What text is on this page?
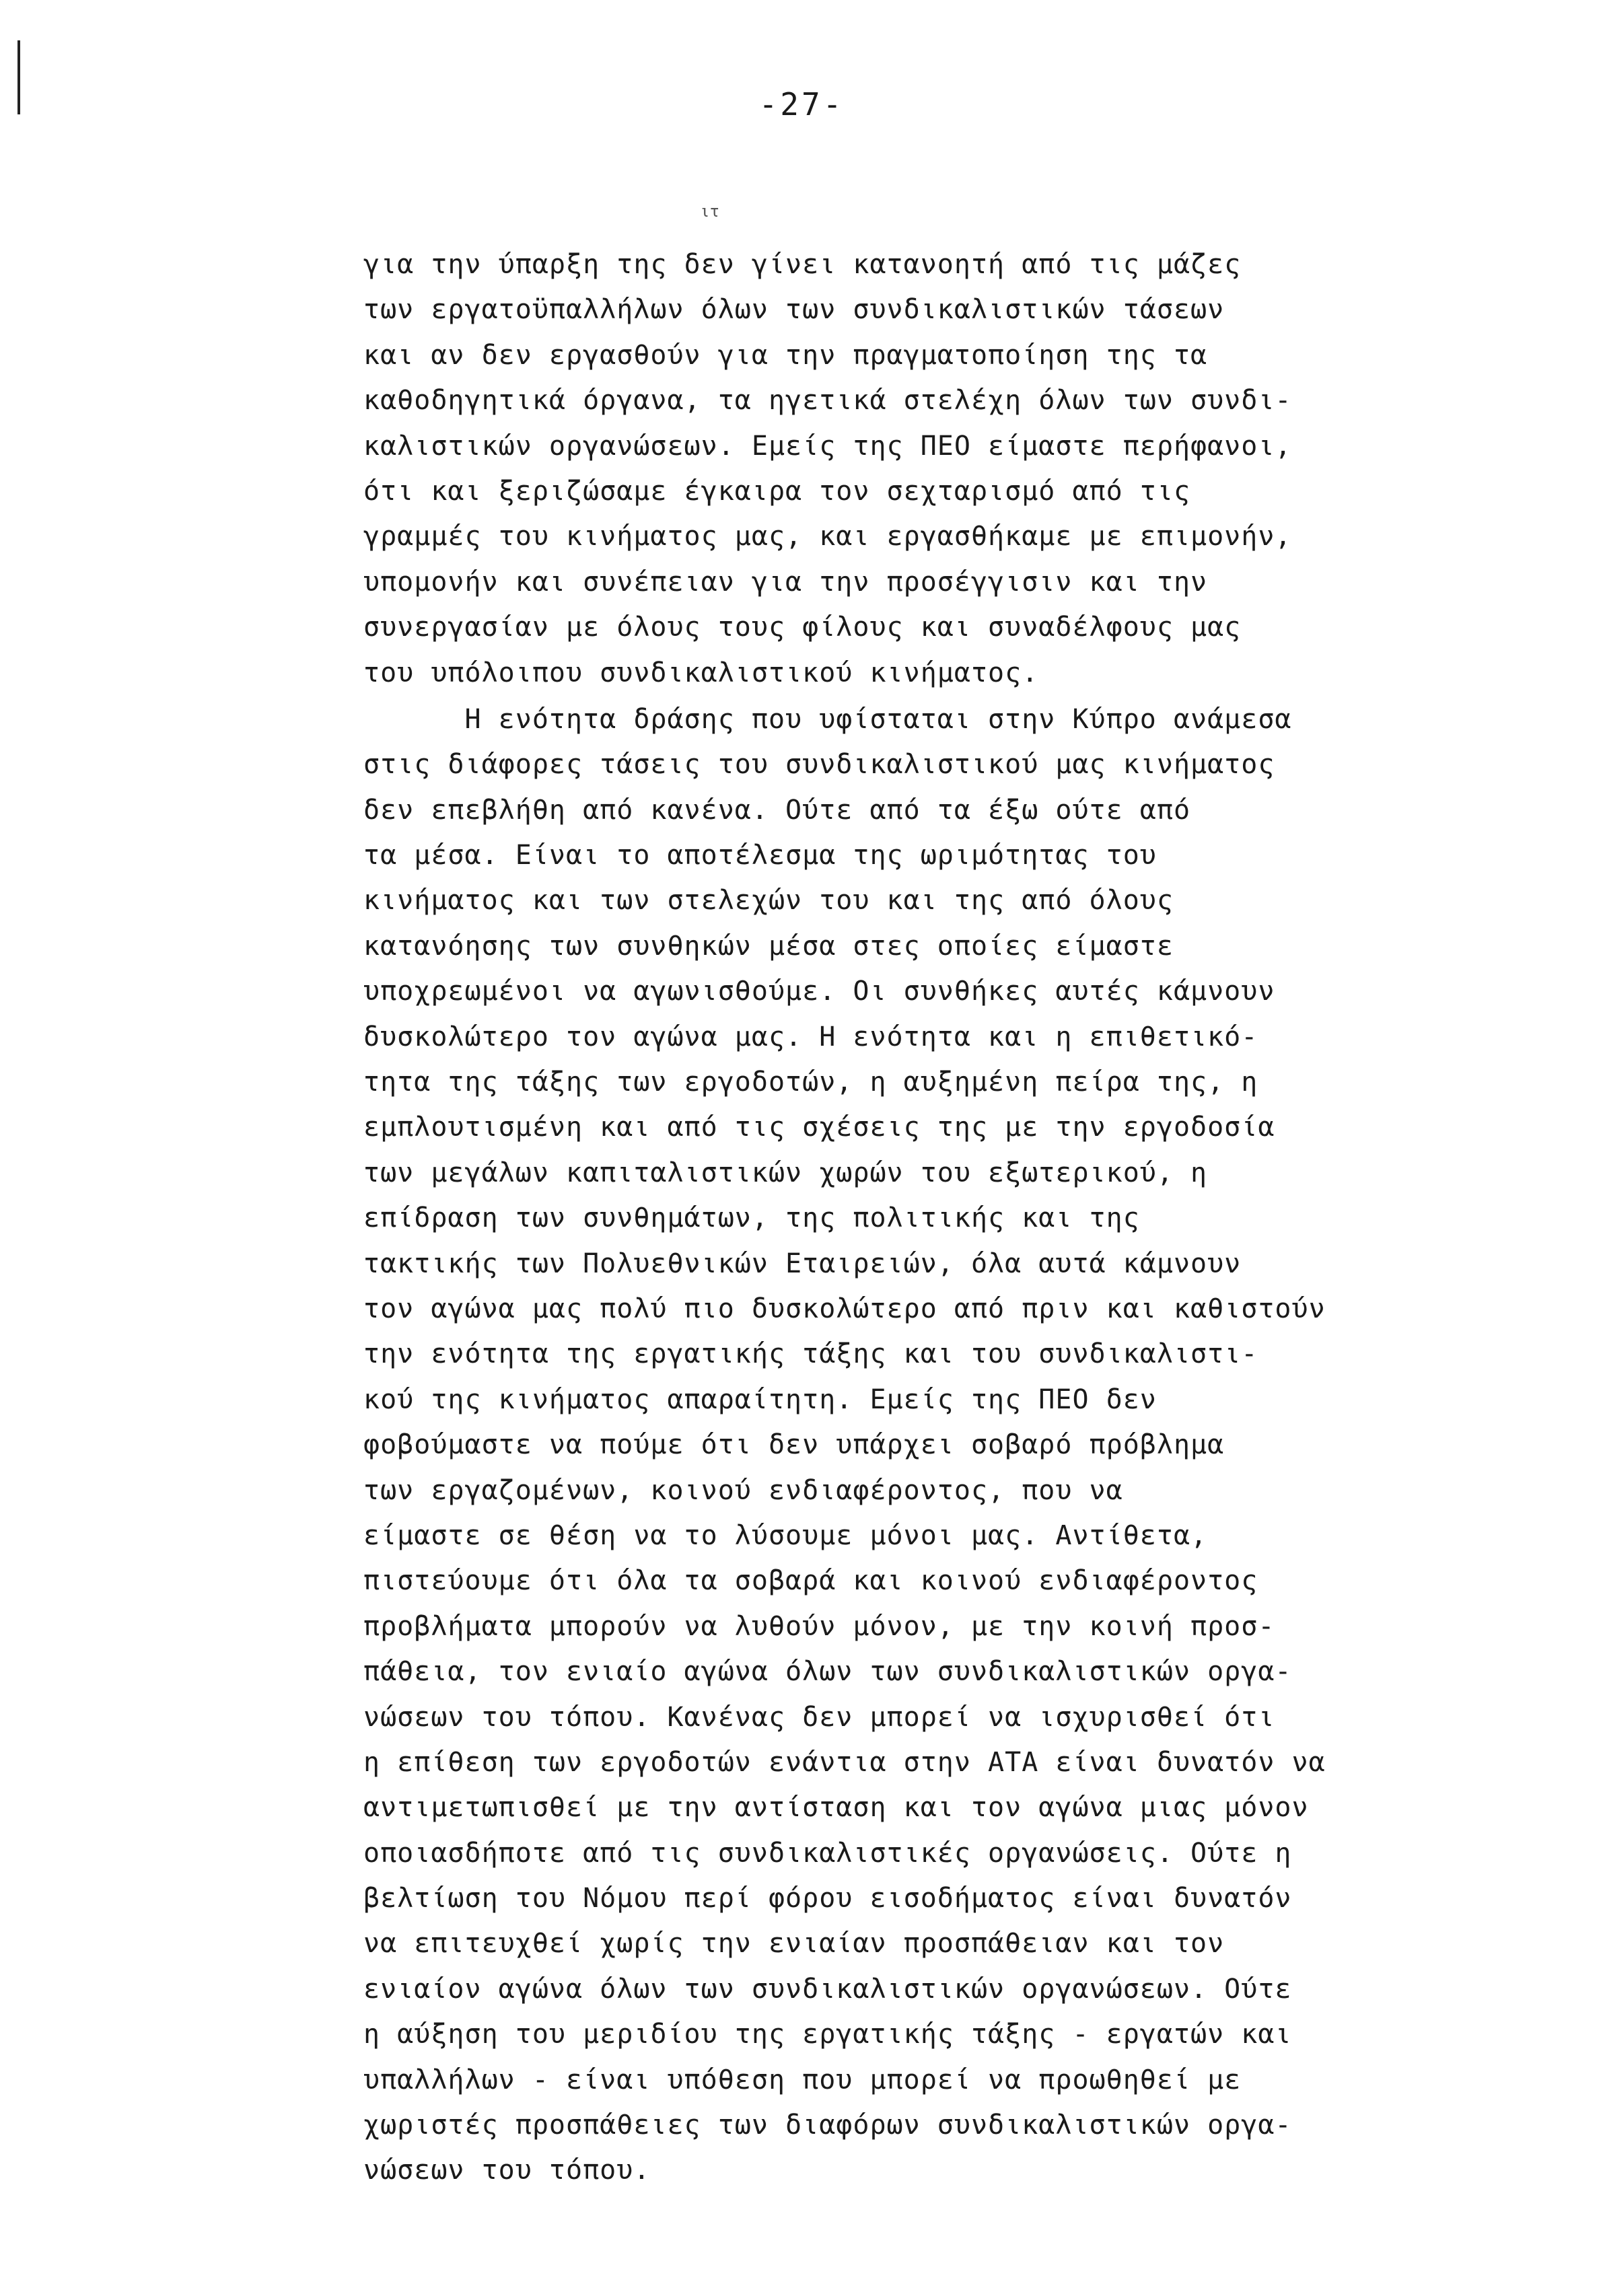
-27-
ιτ
για την ύπαρξη της δεν γίνει κατανοητή από τις μάζες
των εργατοϋπαλλήλων όλων των συνδικαλιστικών τάσεων
και αν δεν εργασθούν για την πραγματοποίηση της τα
καθοδηγητικά όργανα, τα ηγετικά στελέχη όλων των συνδι-
καλιστικών οργανώσεων. Εμείς της ΠΕΟ είμαστε περήφανοι,
ότι και ξεριζώσαμε έγκαιρα τον σεχταρισμό από τις
γραμμές του κινήματος μας, και εργασθήκαμε με επιμονήν,
υπομονήν και συνέπειαν για την προσέγγισιν και την
συνεργασίαν με όλους τους φίλους και συναδέλφους μας
του υπόλοιπου συνδικαλιστικού κινήματος.
Η ενότητα δράσης που υφίσταται στην Κύπρο ανάμεσα
στις διάφορες τάσεις του συνδικαλιστικού μας κινήματος
δεν επεβλήθη από κανένα. Ούτε από τα έξω ούτε από
τα μέσα. Είναι το αποτέλεσμα της ωριμότητας του
κινήματος και των στελεχών του και της από όλους
κατανόησης των συνθηκών μέσα στες οποίες είμαστε
υποχρεωμένοι να αγωνισθούμε. Οι συνθήκες αυτές κάμνουν
δυσκολώτερο τον αγώνα μας. Η ενότητα και η επιθετικό-
τητα της τάξης των εργοδοτών, η αυξημένη πείρα της, η
εμπλουτισμένη και από τις σχέσεις της με την εργοδοσία
των μεγάλων καπιταλιστικών χωρών του εξωτερικού, η
επίδραση των συνθημάτων, της πολιτικής και της
τακτικής των Πολυεθνικών Εταιρειών, όλα αυτά κάμνουν
τον αγώνα μας πολύ πιο δυσκολώτερο από πριν και καθιστούν
την ενότητα της εργατικής τάξης και του συνδικαλιστι-
κού της κινήματος απαραίτητη. Εμείς της ΠΕΟ δεν
φοβούμαστε να πούμε ότι δεν υπάρχει σοβαρό πρόβλημα
των εργαζομένων, κοινού ενδιαφέροντος, που να
είμαστε σε θέση να το λύσουμε μόνοι μας. Αντίθετα,
πιστεύουμε ότι όλα τα σοβαρά και κοινού ενδιαφέροντος
προβλήματα μπορούν να λυθούν μόνον, με την κοινή προσ-
πάθεια, τον ενιαίο αγώνα όλων των συνδικαλιστικών οργα-
νώσεων του τόπου. Κανένας δεν μπορεί να ισχυρισθεί ότι
η επίθεση των εργοδοτών ενάντια στην ΑΤΑ είναι δυνατόν να
αντιμετωπισθεί με την αντίσταση και τον αγώνα μιας μόνον
οποιασδήποτε από τις συνδικαλιστικές οργανώσεις. Ούτε η
βελτίωση του Νόμου περί φόρου εισοδήματος είναι δυνατόν
να επιτευχθεί χωρίς την ενιαίαν προσπάθειαν και τον
ενιαίον αγώνα όλων των συνδικαλιστικών οργανώσεων. Ούτε
η αύξηση του μεριδίου της εργατικής τάξης - εργατών και
υπαλλήλων - είναι υπόθεση που μπορεί να προωθηθεί με
χωριστές προσπάθειες των διαφόρων συνδικαλιστικών οργα-
νώσεων του τόπου.
